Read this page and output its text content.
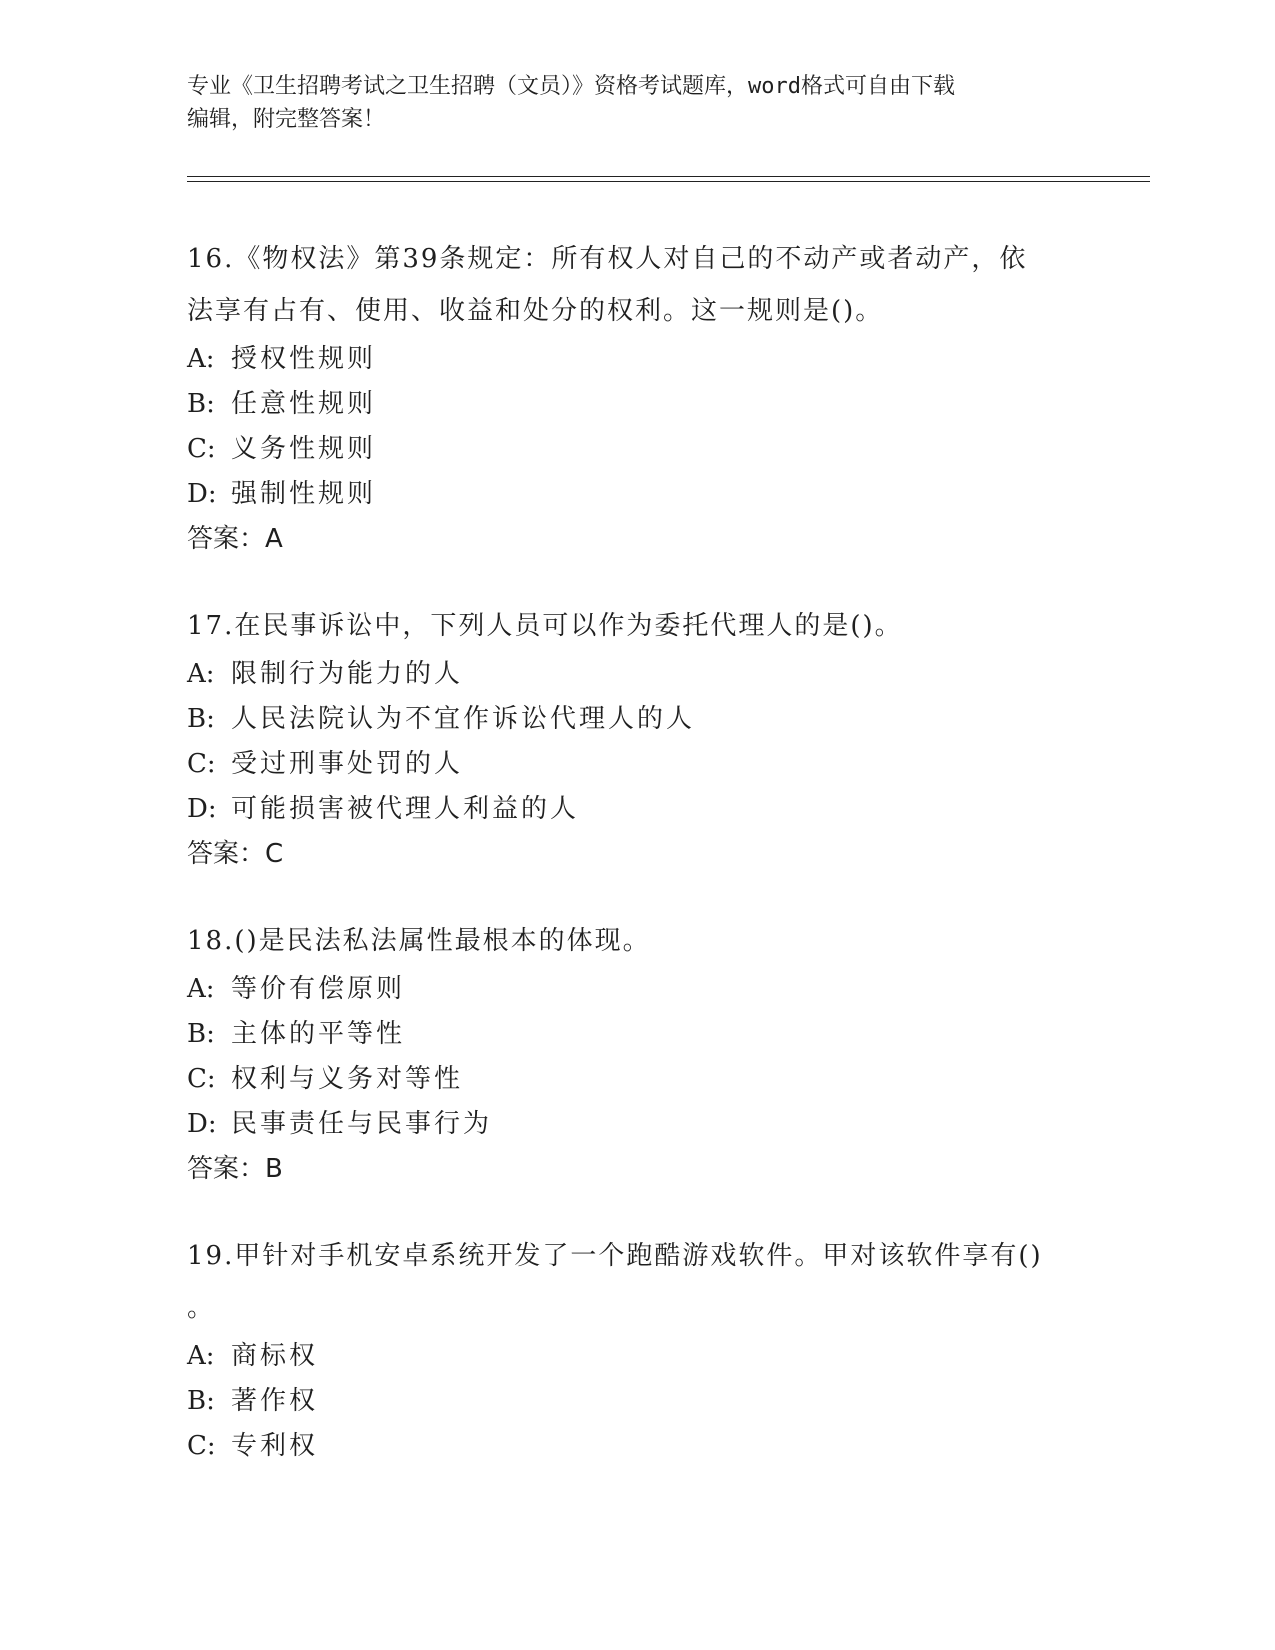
专业《卫生招聘考试之卫生招聘（文员）》资格考试题库，word格式可自由下载
编辑，附完整答案！
16.《物权法》第39条规定：所有权人对自己的不动产或者动产，依
法享有占有、使用、收益和处分的权利。这一规则是()。
A: 授权性规则
B: 任意性规则
C: 义务性规则
D: 强制性规则
答案：A
17.在民事诉讼中，下列人员可以作为委托代理人的是()。
A: 限制行为能力的人
B: 人民法院认为不宜作诉讼代理人的人
C: 受过刑事处罚的人
D: 可能损害被代理人利益的人
答案：C
18.()是民法私法属性最根本的体现。
A: 等价有偿原则
B: 主体的平等性
C: 权利与义务对等性
D: 民事责任与民事行为
答案：B
19.甲针对手机安卓系统开发了一个跑酷游戏软件。甲对该软件享有()
。
A: 商标权
B: 著作权
C: 专利权
